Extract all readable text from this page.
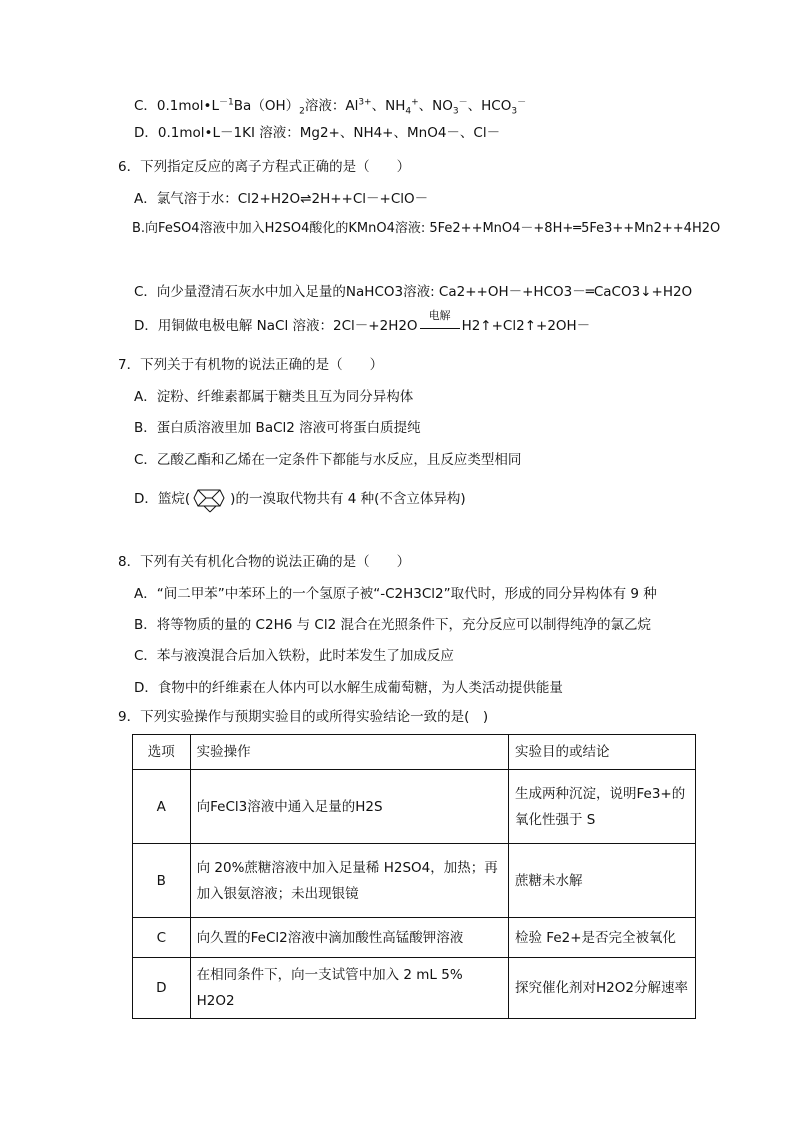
C．$0.1mol•L^{-1}Ba(OH)_2$溶液：$Al^{3+}$、$NH_4^+$、$NO_3^-$、$HCO_3^-$
D．0.1mol•L－1KI 溶液：Mg2+、NH4+、MnO4－、Cl－
6．下列指定反应的离子方程式正确的是（　　）
A．氯气溶于水：Cl2+H2O⇌2H++Cl－+ClO－
B.向FeSO4溶液中加入H2SO4酸化的KMnO4溶液: 5Fe2++MnO4－+8H+═5Fe3++Mn2++4H2O
C．向少量澄清石灰水中加入足量的NaHCO3溶液: Ca2++OH－+HCO3－═CaCO3↓+H2O
D．用铜做电极电解 NaCl 溶液：2Cl－+2H2O
电解
H2↑+Cl2↑+2OH－
7．下列关于有机物的说法正确的是（　　）
A．淀粉、纤维素都属于糖类且互为同分异构体
B．蛋白质溶液里加 BaCl2 溶液可将蛋白质提纯
C．乙酸乙酯和乙烯在一定条件下都能与水反应，且反应类型相同
D．篮烷(	)的一溴取代物共有 4 种(不含立体异构)
8．下列有关有机化合物的说法正确的是（　　）
A．“间二甲苯”中苯环上的一个氢原子被“-C2H3Cl2”取代时，形成的同分异构体有 9 种
B．将等物质的量的 C2H6 与 Cl2 混合在光照条件下，充分反应可以制得纯净的氯乙烷
C．苯与液溴混合后加入铁粉，此时苯发生了加成反应
D．食物中的纤维素在人体内可以水解生成葡萄糖，为人类活动提供能量
9．下列实验操作与预期实验目的或所得实验结论一致的是(　)
选项	实验操作	实验目的或结论
A	向FeCl3溶液中通入足量的H2S	生成两种沉淀，说明Fe3+的氧化性强于 S
B	向 20%蔗糖溶液中加入足量稀 H2SO4，加热；再加入银氨溶液；未出现银镜	蔗糖未水解
C	向久置的FeCl2溶液中滴加酸性高锰酸钾溶液	检验 Fe2+是否完全被氧化
D	在相同条件下，向一支试管中加入 2 mL 5% H2O2	探究催化剂对H2O2分解速率
